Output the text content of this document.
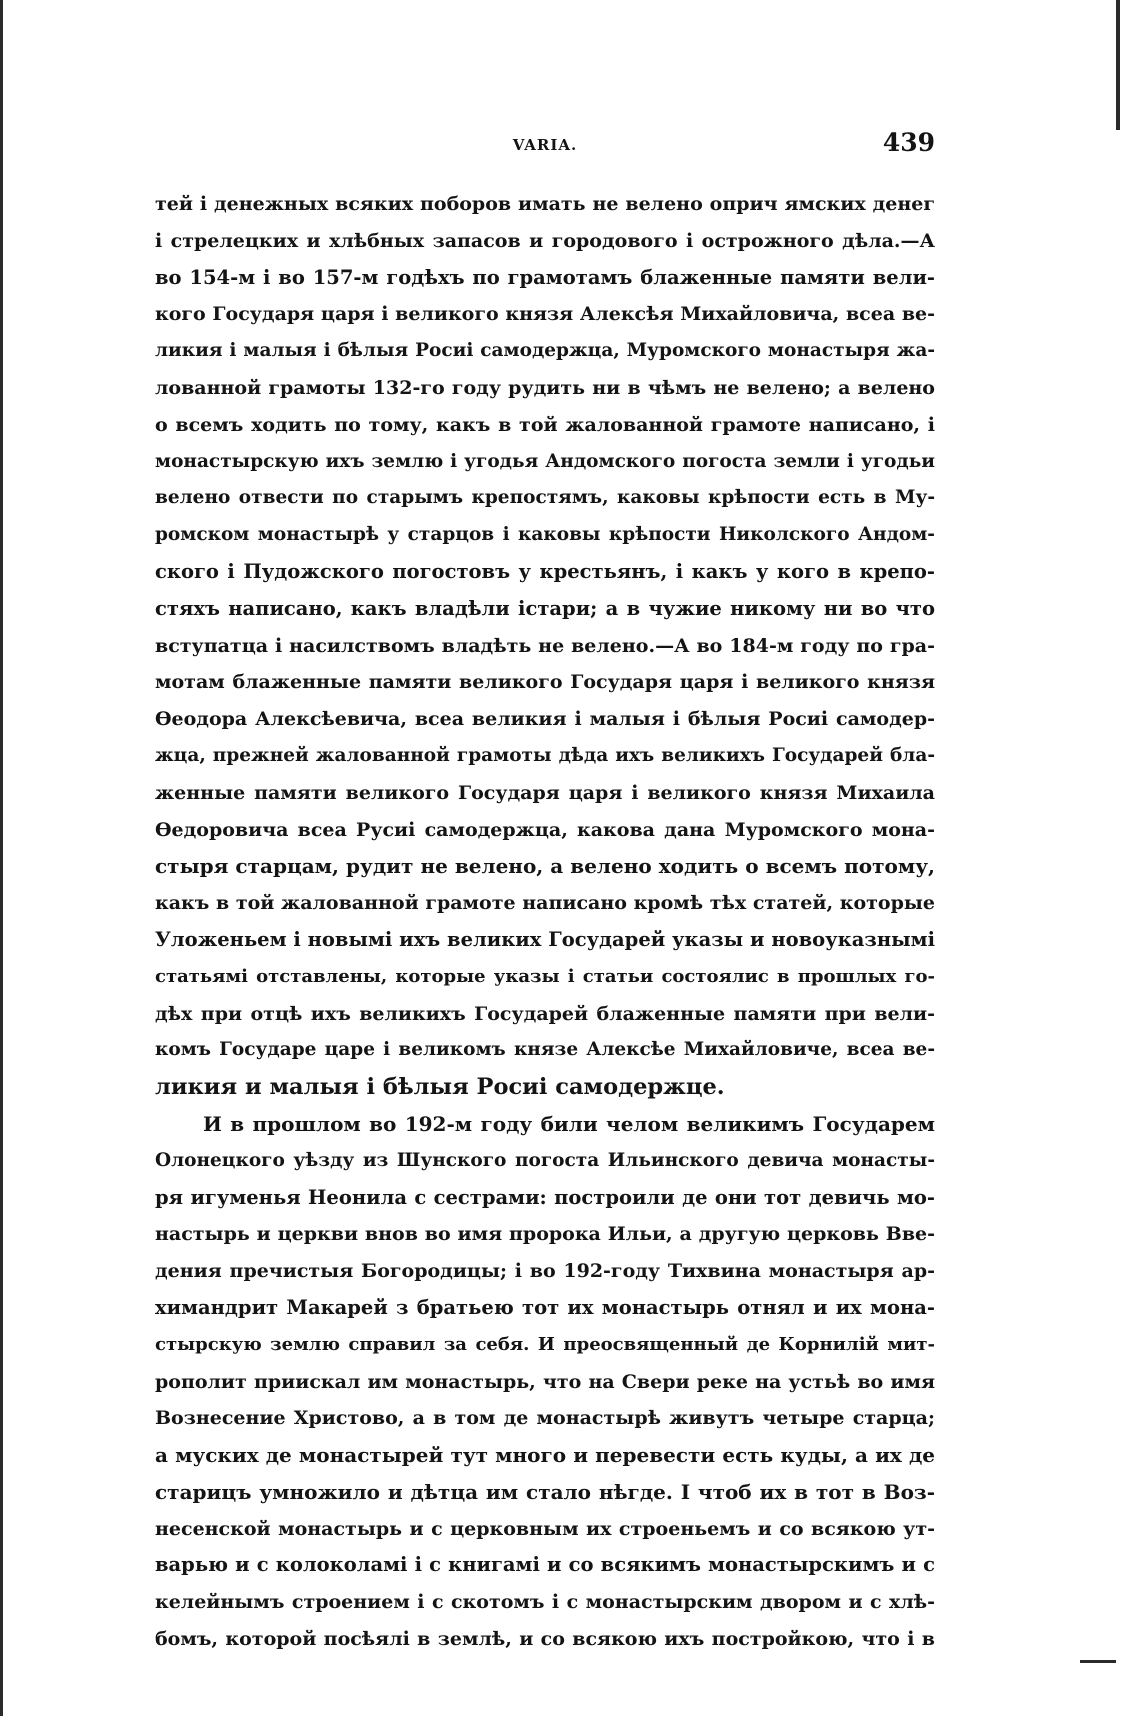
VARIA.	439
тей і денежных всяких поборов имать не велено оприч ямских денег
і стрелецких и хлѣбных запасов и городового і острожного дѣла.—А
во 154-м і во 157-м годѣхъ по грамотамъ блаженные памяти вели-
кого Государя царя і великого князя Алексѣя Михайловича, всеа ве-
ликия і малыя і бѣлыя Росиі самодержца, Муромского монастыря жа-
лованной грамоты 132-го году рудить ни в чѣмъ не велено; а велено
о всемъ ходить по тому, какъ в той жалованной грамоте написано, і
монастырскую ихъ землю і угодья Андомского погоста земли і угодьи
велено отвести по старымъ крепостямъ, каковы крѣпости есть в Му-
ромском монастырѣ у старцов і каковы крѣпости Николского Андом-
ского і Пудожского погостовъ у крестьянъ, і какъ у кого в крепо-
стяхъ написано, какъ владѣли істари; а в чужие никому ни во что
вступатца і насилствомъ владѣть не велено.—А во 184-м году по гра-
мотам блаженные памяти великого Государя царя і великого князя
Ѳеодора Алексѣевича, всеа великия і малыя і бѣлыя Росиі самодер-
жца, прежней жалованной грамоты дѣда ихъ великихъ Государей бла-
женные памяти великого Государя царя і великого князя Михаила
Ѳедоровича всеа Русиі самодержца, какова дана Муромского мона-
стыря старцам, рудит не велено, а велено ходить о всемъ потому,
какъ в той жалованной грамоте написано кромѣ тѣх статей, которые
Уложеньем і новымі ихъ великих Государей указы и новоуказнымі
статьямі отставлены, которые указы і статьи состоялис в прошлых го-
дѣх при отцѣ ихъ великихъ Государей блаженные памяти при вели-
комъ Государе царе і великомъ князе Алексѣе Михайловиче, всеа ве-
ликия и малыя і бѣлыя Росиі самодержце.
И в прошлом во 192-м году били челом великимъ Государем
Олонецкого уѣзду из Шунского погоста Ильинского девича монасты-
ря игуменья Неонила с сестрами: построили де они тот девичь мо-
настырь и церкви внов во имя пророка Ильи, а другую церковь Вве-
дения пречистыя Богородицы; і во 192-году Тихвина монастыря ар-
химандрит Макарей з братьею тот их монастырь отнял и их мона-
стырскую землю справил за себя. И преосвященный де Корнилій мит-
рополит приискал им монастырь, что на Свери реке на устьѣ во имя
Вознесение Христово, а в том де монастырѣ живутъ четыре старца;
а муских де монастырей тут много и перевести есть куды, а их де
старицъ умножило и дѣтца им стало нѣгде. І чтоб их в тот в Воз-
несенской монастырь и с церковным их строеньемъ и со всякою ут-
варью и с колоколамі і с книгамі и со всякимъ монастырскимъ и с
келейнымъ строением і с скотомъ і с монастырским двором и с хлѣ-
бомъ, которой посѣялі в землѣ, и со всякою ихъ постройкою, что і в
